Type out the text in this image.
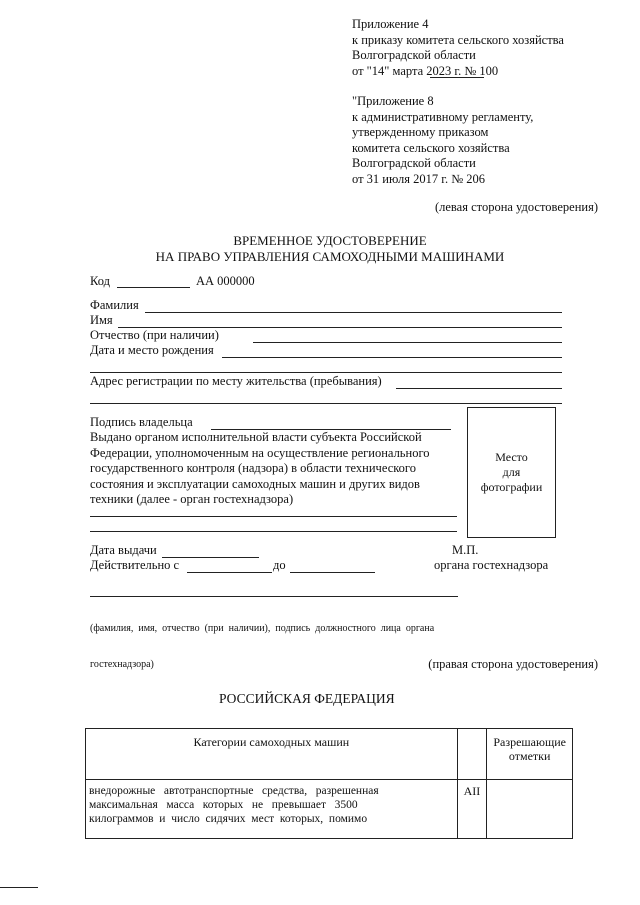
Приложение 4
к приказу комитета сельского хозяйства
Волгоградской области
от "14" марта 2023 г. № 100
"Приложение 8
к административному регламенту,
утвержденному приказом
комитета сельского хозяйства
Волгоградской области
от 31 июля 2017 г. № 206
(левая сторона удостоверения)
ВРЕМЕННОЕ УДОСТОВЕРЕНИЕ
НА ПРАВО УПРАВЛЕНИЯ САМОХОДНЫМИ МАШИНАМИ
Код	АА 000000
Фамилия
Имя
Отчество (при наличии)
Дата и место рождения
Адрес регистрации по месту жительства (пребывания)
Подпись владельца
Выдано органом исполнительной власти субъекта Российской
Федерации, уполномоченным на осуществление регионального
государственного контроля (надзора) в области технического
состояния и эксплуатации самоходных машин и других видов
техники (далее - орган гостехнадзора)
Место
для
фотографии
Дата выдачи
Действительно с	до
М.П.
органа гостехнадзора

(фамилия,  имя,  отчество  (при  наличии),  подпись  должностного  лица  органа

гостехнадзора)	(правая сторона удостоверения)
РОССИЙСКАЯ ФЕДЕРАЦИЯ
Категории самоходных машин		Разрешающие
отметки

внедорожные   автотранспортные   средства,   разрешенная
максимальная   масса   которых   не   превышает   3500
килограммов  и  число  сидячих  мест  которых,  помимо	AII	
